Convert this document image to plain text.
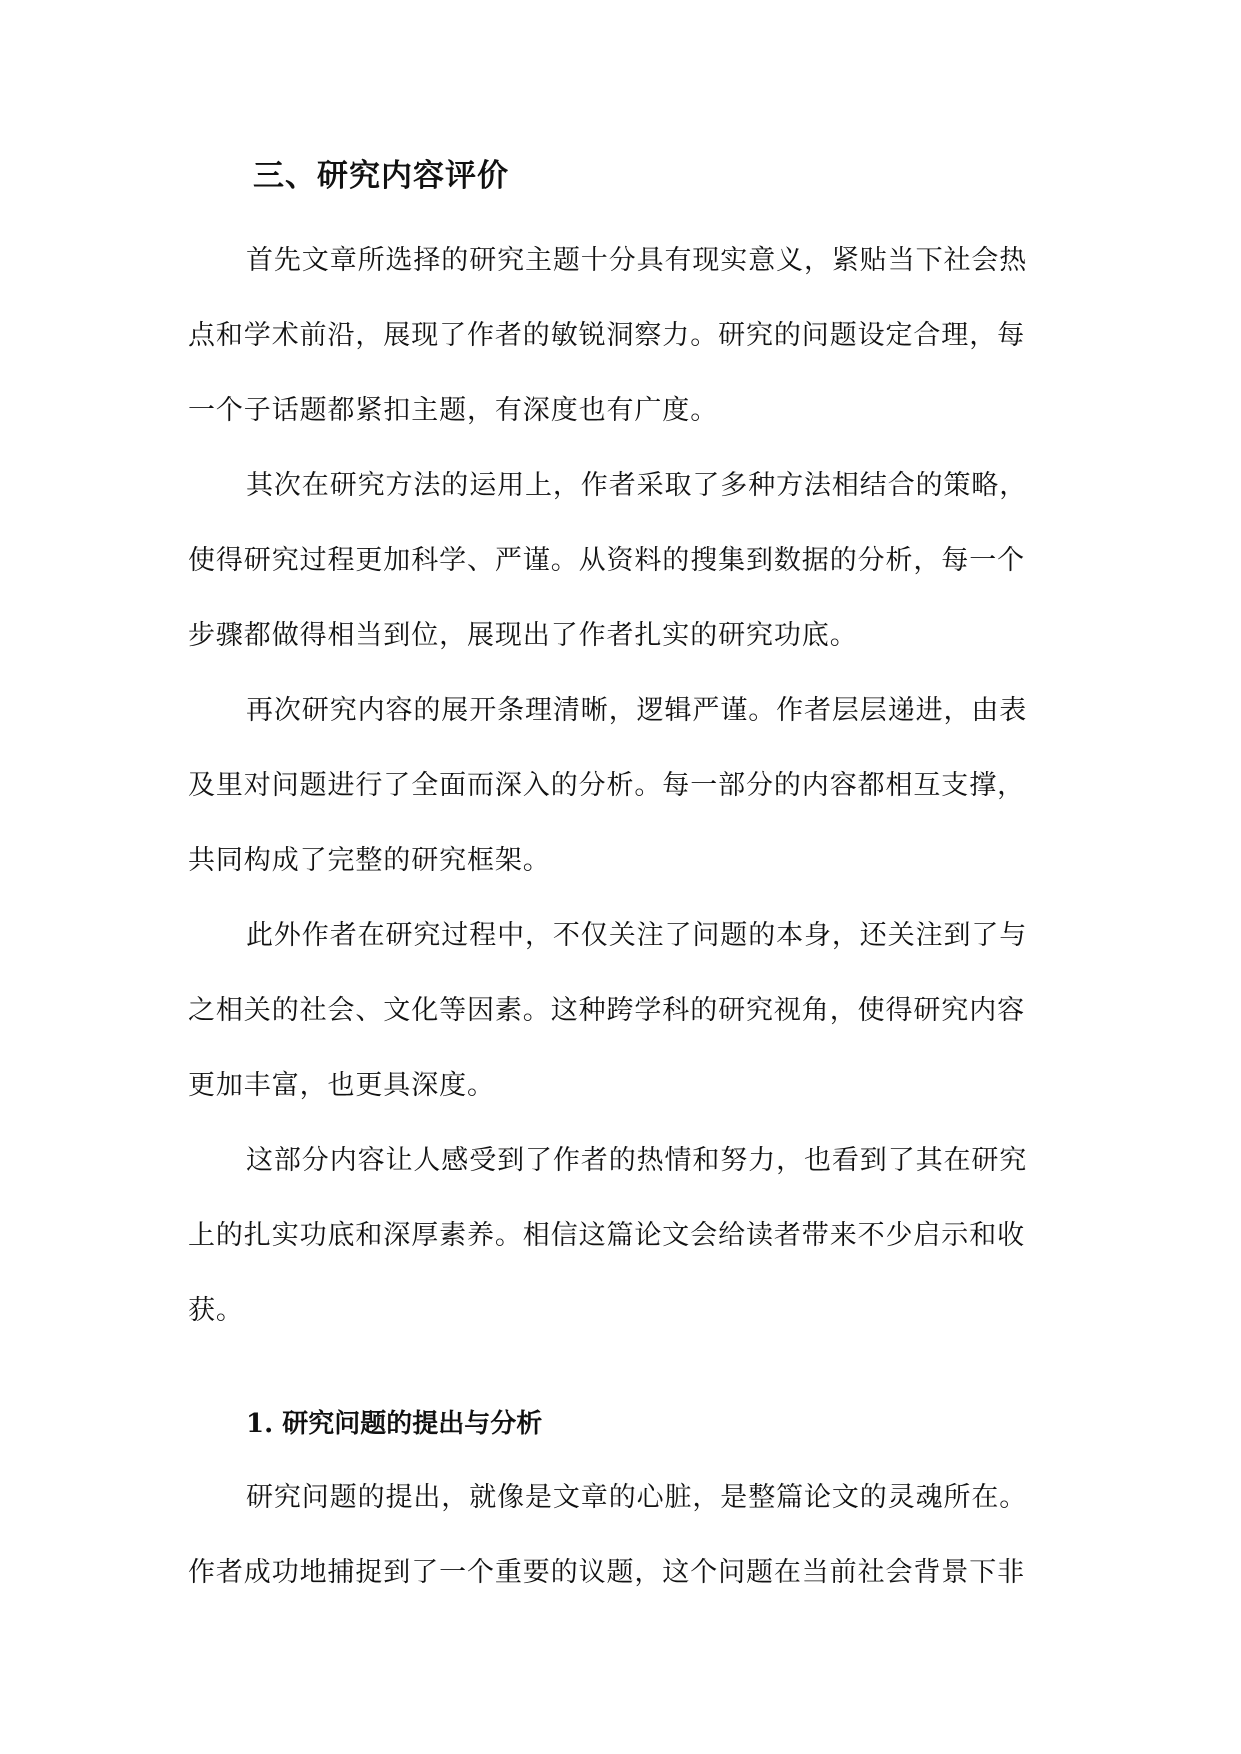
三、研究内容评价
首先文章所选择的研究主题十分具有现实意义，紧贴当下社会热
点和学术前沿，展现了作者的敏锐洞察力。研究的问题设定合理，每
一个子话题都紧扣主题，有深度也有广度。
其次在研究方法的运用上，作者采取了多种方法相结合的策略，
使得研究过程更加科学、严谨。从资料的搜集到数据的分析，每一个
步骤都做得相当到位，展现出了作者扎实的研究功底。
再次研究内容的展开条理清晰，逻辑严谨。作者层层递进，由表
及里对问题进行了全面而深入的分析。每一部分的内容都相互支撑，
共同构成了完整的研究框架。
此外作者在研究过程中，不仅关注了问题的本身，还关注到了与
之相关的社会、文化等因素。这种跨学科的研究视角，使得研究内容
更加丰富，也更具深度。
这部分内容让人感受到了作者的热情和努力，也看到了其在研究
上的扎实功底和深厚素养。相信这篇论文会给读者带来不少启示和收
获。
1. 研究问题的提出与分析
研究问题的提出，就像是文章的心脏，是整篇论文的灵魂所在。
作者成功地捕捉到了一个重要的议题，这个问题在当前社会背景下非
